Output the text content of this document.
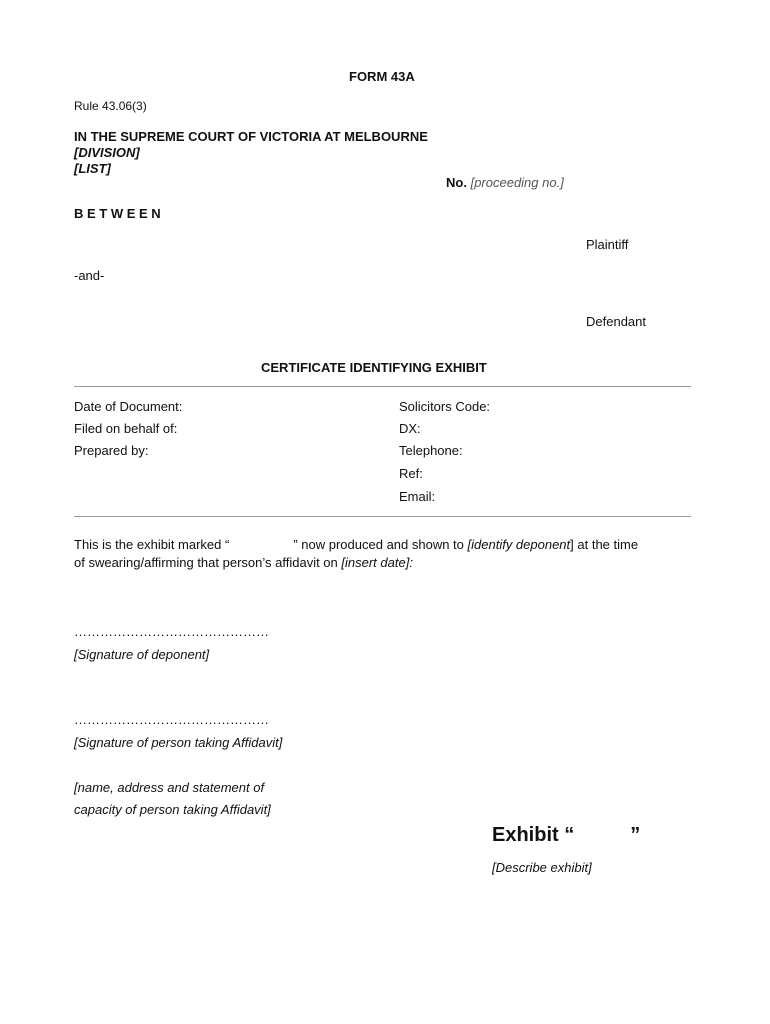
FORM 43A
Rule 43.06(3)
IN THE SUPREME COURT OF VICTORIA AT MELBOURNE
[DIVISION]
[LIST]
No. [proceeding no.]
B E T W E E N
Plaintiff
-and-
Defendant
CERTIFICATE IDENTIFYING EXHIBIT
Date of Document:
Filed on behalf of:
Prepared by:
Solicitors Code:
DX:
Telephone:
Ref:
Email:
This is the exhibit marked “	” now produced and shown to [identify deponent] at the time
of swearing/affirming that person’s affidavit on [insert date]:
………………………………………
[Signature of deponent]
………………………………………
[Signature of person taking Affidavit]
[name, address and statement of
capacity of person taking Affidavit]
Exhibit “	”
[Describe exhibit]
